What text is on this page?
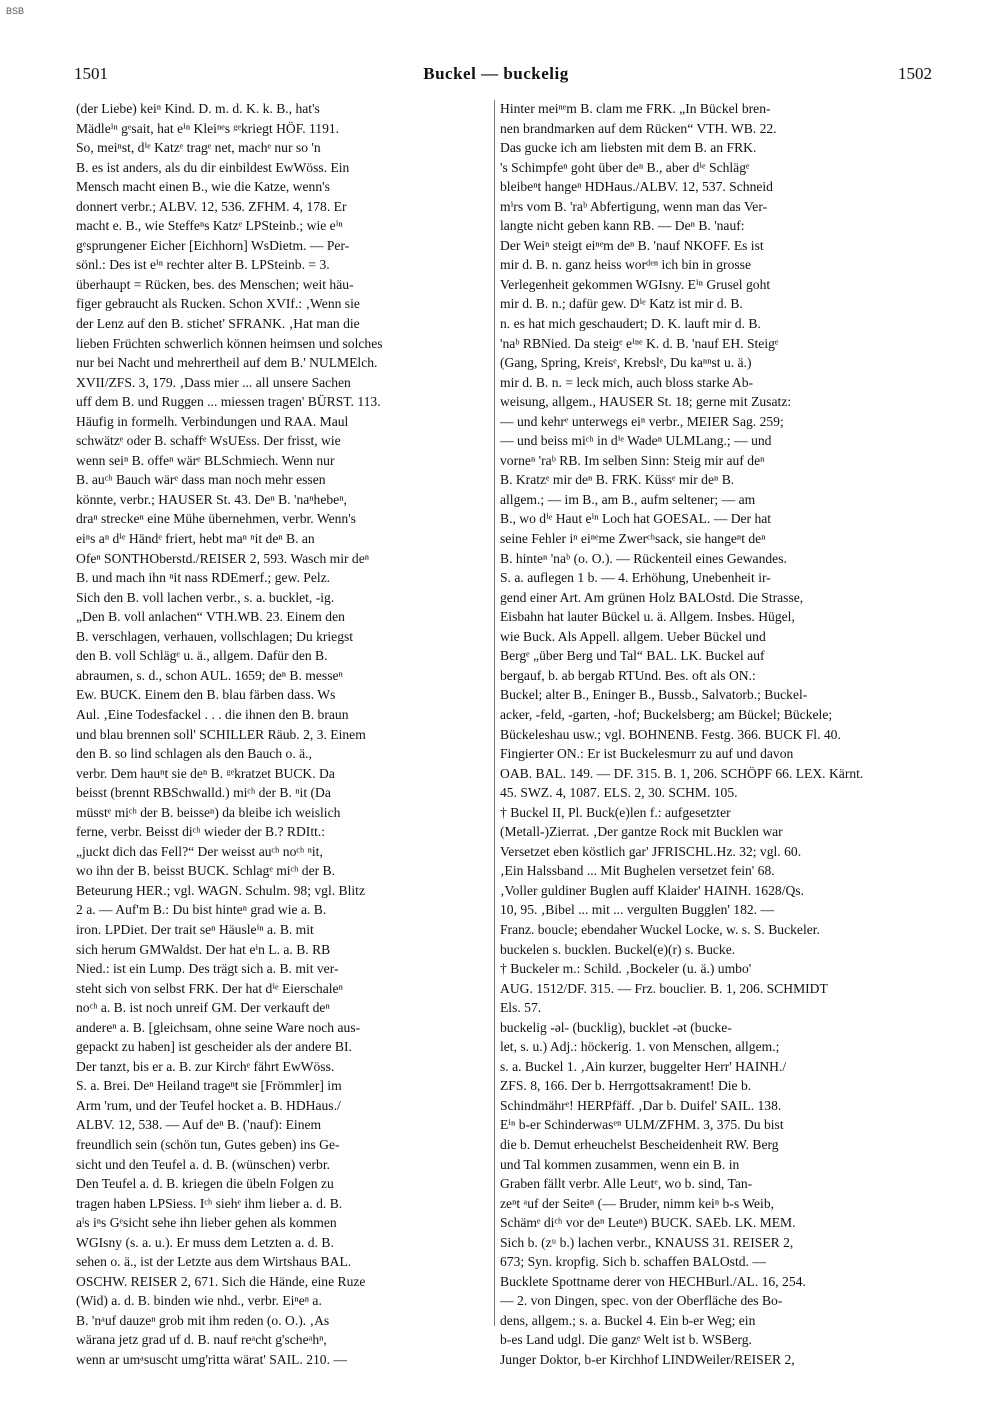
BSB
1501	Buckel — buckelig	1502
(der Liebe) keiⁿ Kind. D. m. d. K. k. B., hat's
Mädleⁱⁿ gᵉsait, hat eⁱⁿ Kleiⁿᵉs ᵍᵉkriegt HÖF. 1191.
So, meiⁿst, dⁱᵉ Katzᵉ tragᵉ net, machᵉ nur so 'n
B. es ist anders, als du dir einbildest EwWöss. Ein
Mensch macht einen B., wie die Katze, wenn's
donnert verbr.; ALBV. 12, 536. ZFHM. 4, 178. Er
macht e. B., wie Steffeⁿs Katzᵉ LPSteinb.; wie eⁱⁿ
gᵉsprungener Eicher [Eichhorn] WsDietm. — Per-
sönl.: Des ist eⁱⁿ rechter alter B. LPSteinb. = 3.
überhaupt = Rücken, bes. des Menschen; weit häu-
figer gebraucht als Rucken. Schon XVIf.: ‚Wenn sie
der Lenz auf den B. stichet' SFRANK. ‚Hat man die
lieben Früchten schwerlich können heimsen und solches
nur bei Nacht und mehrertheil auf dem B.' NULMElch.
XVII/ZFS. 3, 179. ‚Dass mier ... all unsere Sachen
uff dem B. und Ruggen ... miessen tragen' BÜRST. 113.
Häufig in formelh. Verbindungen und RAA. Maul
schwätzᵉ oder B. schaffᵉ WsUEss. Der frisst, wie
wenn seiⁿ B. offeⁿ wärᵉ BLSchmiech. Wenn nur
B. auᶜʰ Bauch wärᵉ dass man noch mehr essen
könnte, verbr.; HAUSER St. 43. Deⁿ B. 'naⁿhebeⁿ,
draⁿ streckeⁿ eine Mühe übernehmen, verbr. Wenn's
eiⁿs aⁿ dⁱᵉ Händᵉ friert, hebt maⁿ ⁿit deⁿ B. an
Ofeⁿ SONTHOberstd./REISER 2, 593. Wasch mir deⁿ
B. und mach ihn ⁿit nass RDEmerf.; gew. Pelz.
Sich den B. voll lachen verbr., s. a. bucklet, -ig.
„Den B. voll anlachen“ VTH.WB. 23. Einem den
B. verschlagen, verhauen, vollschlagen; Du kriegst
den B. voll Schlägᵉ u. ä., allgem. Dafür den B.
abraumen, s. d., schon AUL. 1659; deⁿ B. messeⁿ
Ew. BUCK. Einem den B. blau färben dass. Ws
Aul. ‚Eine Todesfackel . . . die ihnen den B. braun
und blau brennen soll' SCHILLER Räub. 2, 3. Einem
den B. so lind schlagen als den Bauch o. ä.,
verbr. Dem hauⁿt sie deⁿ B. ᵍᵉkratzet BUCK. Da
beisst (brennt RBSchwalld.) miᶜʰ der B. ⁿit (Da
müsstᵉ miᶜʰ der B. beisseⁿ) da bleibe ich weislich
ferne, verbr. Beisst diᶜʰ wieder der B.? RDItt.:
„juckt dich das Fell?“ Der weisst auᶜʰ noᶜʰ ⁿit,
wo ihn der B. beisst BUCK. Schlagᵉ miᶜʰ der B.
Beteurung HER.; vgl. WAGN. Schulm. 98; vgl. Blitz
2 a. — Auf'm B.: Du bist hinteⁿ grad wie a. B.
iron. LPDiet. Der trait seⁿ Häusleⁱⁿ a. B. mit
sich herum GMWaldst. Der hat eⁱn L. a. B. RB
Nied.: ist ein Lump. Des trägt sich a. B. mit ver-
steht sich von selbst FRK. Der hat dⁱᵉ Eierschaleⁿ
noᶜʰ a. B. ist noch unreif GM. Der verkauft deⁿ
andereⁿ a. B. [gleichsam, ohne seine Ware noch aus-
gepackt zu haben] ist gescheider als der andere BI.
Der tanzt, bis er a. B. zur Kirchᵉ fährt EwWöss.
S. a. Brei. Deⁿ Heiland trageⁿt sie [Frömmler] im
Arm 'rum, und der Teufel hocket a. B. HDHaus./
ALBV. 12, 538. — Auf deⁿ B. ('nauf): Einem
freundlich sein (schön tun, Gutes geben) ins Ge-
sicht und den Teufel a. d. B. (wünschen) verbr.
Den Teufel a. d. B. kriegen die übeln Folgen zu
tragen haben LPSiess. Iᶜʰ siehᵉ ihm lieber a. d. B.
aˡs iⁿs Gᵉsicht sehe ihn lieber gehen als kommen
WGIsny (s. a. u.). Er muss dem Letzten a. d. B.
sehen o. ä., ist der Letzte aus dem Wirtshaus BAL.
OSCHW. REISER 2, 671. Sich die Hände, eine Ruze
(Wid) a. d. B. binden wie nhd., verbr. Eiⁿeⁿ a.
B. 'nᵃuf dauzeⁿ grob mit ihm reden (o. O.). ‚As
wärana jetz grad uf d. B. nauf reᵃcht g'scheᵃhⁿ,
wenn ar umᵃsuscht umg'ritta wärat' SAIL. 210. —
Hinter meiⁿᵉm B. clam me FRK. „In Bückel bren-
nen brandmarken auf dem Rücken“ VTH. WB. 22.
Das gucke ich am liebsten mit dem B. an FRK.
's Schimpfeⁿ goht über deⁿ B., aber dⁱᵉ Schlägᵉ
bleibeⁿt hangeⁿ HDHaus./ALBV. 12, 537. Schneid
mⁱrs vom B. 'raᵇ Abfertigung, wenn man das Ver-
langte nicht geben kann RB. — Deⁿ B. 'nauf:
Der Weiⁿ steigt eiⁿᵉm deⁿ B. 'nauf NKOFF. Es ist
mir d. B. n. ganz heiss worᵈᵉⁿ ich bin in grosse
Verlegenheit gekommen WGIsny. Eⁱⁿ Grusel goht
mir d. B. n.; dafür gew. Dⁱᵉ Katz ist mir d. B.
n. es hat mich geschaudert; D. K. lauft mir d. B.
'naᵇ RBNied. Da steigᵉ eⁱⁿᵉ K. d. B. 'nauf EH. Steigᵉ
(Gang, Spring, Kreisᵉ, Krebslᵉ, Du kaⁿⁿst u. ä.)
mir d. B. n. = leck mich, auch bloss starke Ab-
weisung, allgem., HAUSER St. 18; gerne mit Zusatz:
— und kehrᵉ unterwegs eiⁿ verbr., MEIER Sag. 259;
— und beiss miᶜʰ in dⁱᵉ Wadeⁿ ULMLang.; — und
vorneⁿ 'raᵇ RB. Im selben Sinn: Steig mir auf deⁿ
B. Kratzᵉ mir deⁿ B. FRK. Küssᵉ mir deⁿ B.
allgem.; — im B., am B., aufm seltener; — am
B., wo dⁱᵉ Haut eⁱⁿ Loch hat GOESAL. — Der hat
seine Fehler iⁿ eiⁿᵉme Zwerᶜʰsack, sie hangeⁿt deⁿ
B. hinteⁿ 'naᵇ (o. O.). — Rückenteil eines Gewandes.
S. a. auflegen 1 b. — 4. Erhöhung, Unebenheit ir-
gend einer Art. Am grünen Holz BALOstd. Die Strasse,
Eisbahn hat lauter Bückel u. ä. Allgem. Insbes. Hügel,
wie Buck. Als Appell. allgem. Ueber Bückel und
Bergᵉ „über Berg und Tal“ BAL. LK. Buckel auf
bergauf, b. ab bergab RTUnd. Bes. oft als ON.:
Buckel; alter B., Eninger B., Bussb., Salvatorb.; Buckel-
acker, -feld, -garten, -hof; Buckelsberg; am Bückel; Bückele;
Bückeleshau usw.; vgl. BOHNENB. Festg. 366. BUCK Fl. 40.
Fingierter ON.: Er ist Buckelesmurr zu auf und davon
OAB. BAL. 149. — DF. 315. B. 1, 206. SCHÖPF 66. LEX. Kärnt.
45. SWZ. 4, 1087. ELS. 2, 30. SCHM. 105.
† Buckel II, Pl. Buck(e)len f.: aufgesetzter
(Metall-)Zierrat. ‚Der gantze Rock mit Bucklen war
Versetzet eben köstlich gar' JFRISCHL.Hz. 32; vgl. 60.
‚Ein Halssband ... Mit Bughelen versetzet fein' 68.
‚Voller guldiner Buglen auff Klaider' HAINH. 1628/Qs.
10, 95. ‚Bibel ... mit ... vergulten Bugglen' 182. —
Franz. boucle; ebendaher Wuckel Locke, w. s. S. Buckeler.
buckelen s. bucklen. Buckel(e)(r) s. Bucke.
† Buckeler m.: Schild. ‚Bockeler (u. ä.) umbo'
AUG. 1512/DF. 315. — Frz. bouclier. B. 1, 206. SCHMIDT
Els. 57.
buckelig -əl- (bucklig), bucklet -ət (bucke-
let, s. u.) Adj.: höckerig. 1. von Menschen, allgem.;
s. a. Buckel 1. ‚Ain kurzer, buggelter Herr' HAINH./
ZFS. 8, 166. Der b. Herrgottsakrament! Die b.
Schindmährᵉ! HERPfäff. ‚Dar b. Duifel' SAIL. 138.
Eⁱⁿ b-er Schinderwasᵉⁿ ULM/ZFHM. 3, 375. Du bist
die b. Demut erheuchelst Bescheidenheit RW. Berg
und Tal kommen zusammen, wenn ein B. in
Graben fällt verbr. Alle Leutᵉ, wo b. sind, Tan-
zeⁿt ᵃuf der Seiteⁿ (— Bruder, nimm keiⁿ b-s Weib,
Schämᵉ diᶜʰ vor deⁿ Leuteⁿ) BUCK. SAEb. LK. MEM.
Sich b. (zᵘ b.) lachen verbr., KNAUSS 31. REISER 2,
673; Syn. kropfig. Sich b. schaffen BALOstd. —
Bucklete Spottname derer von HECHBurl./AL. 16, 254.
— 2. von Dingen, spec. von der Oberfläche des Bo-
dens, allgem.; s. a. Buckel 4. Ein b-er Weg; ein
b-es Land udgl. Die ganzᵉ Welt ist b. WSBerg.
Junger Doktor, b-er Kirchhof LINDWeiler/REISER 2,
